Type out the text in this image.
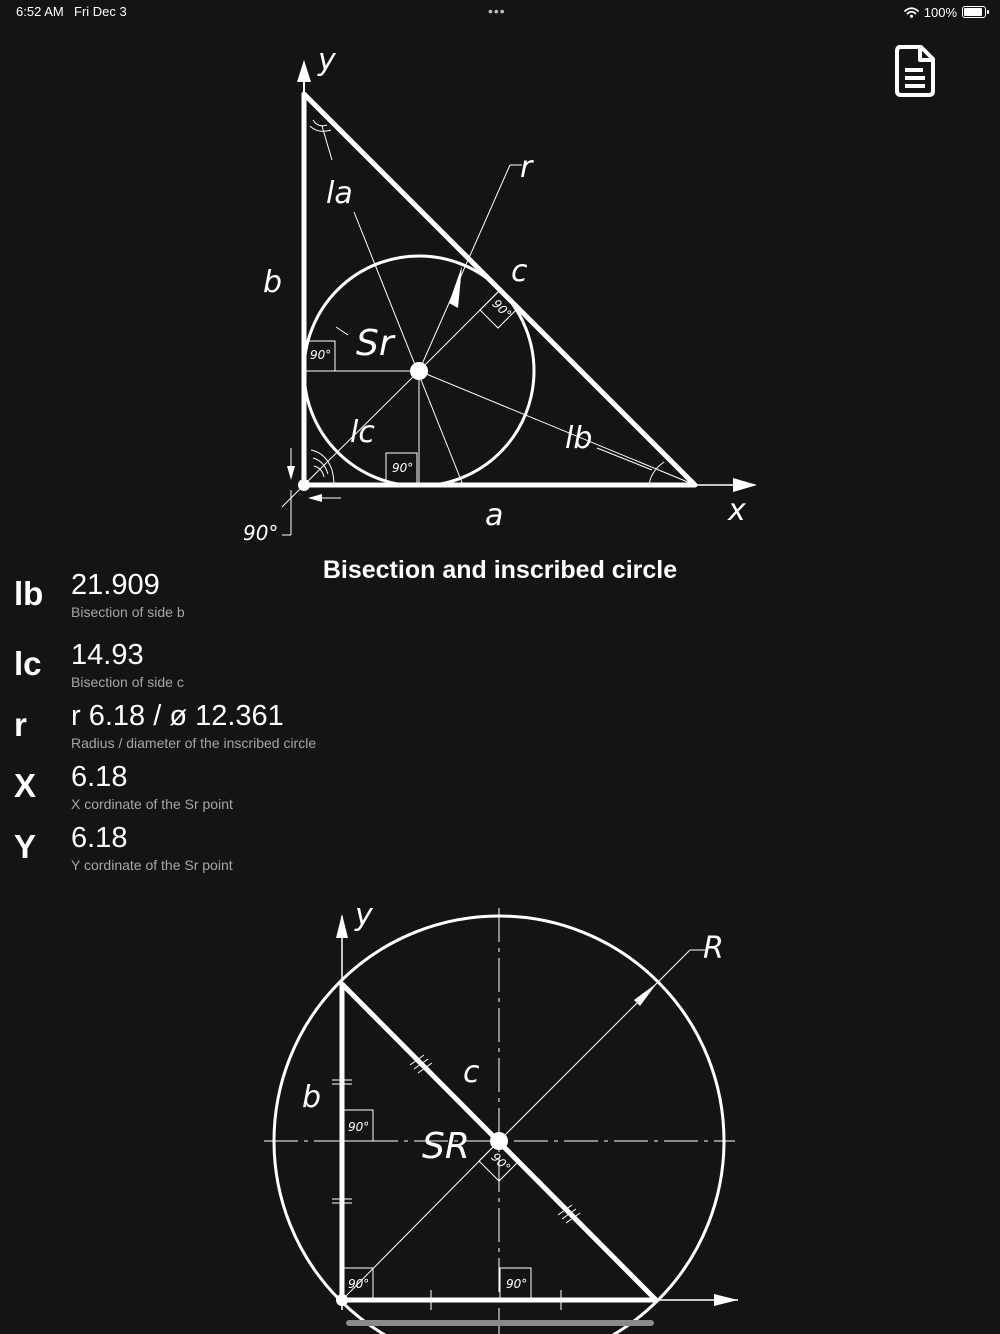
6:52 AM Fri Dec 3	•••	100%
y
x
a
b	c
r
la
lb
lc
Sr
90°
90°
90°
90°
Bisection and inscribed circle
lb 21.909
Bisection of side b
lc 14.93
Bisection of side c
r r 6.18 / ø 12.361
Radius / diameter of the inscribed circle
X 6.18
X cordinate of the Sr point
Y 6.18
Y cordinate of the Sr point
y
b
c
R
SR
90°
90°	90°
90°
